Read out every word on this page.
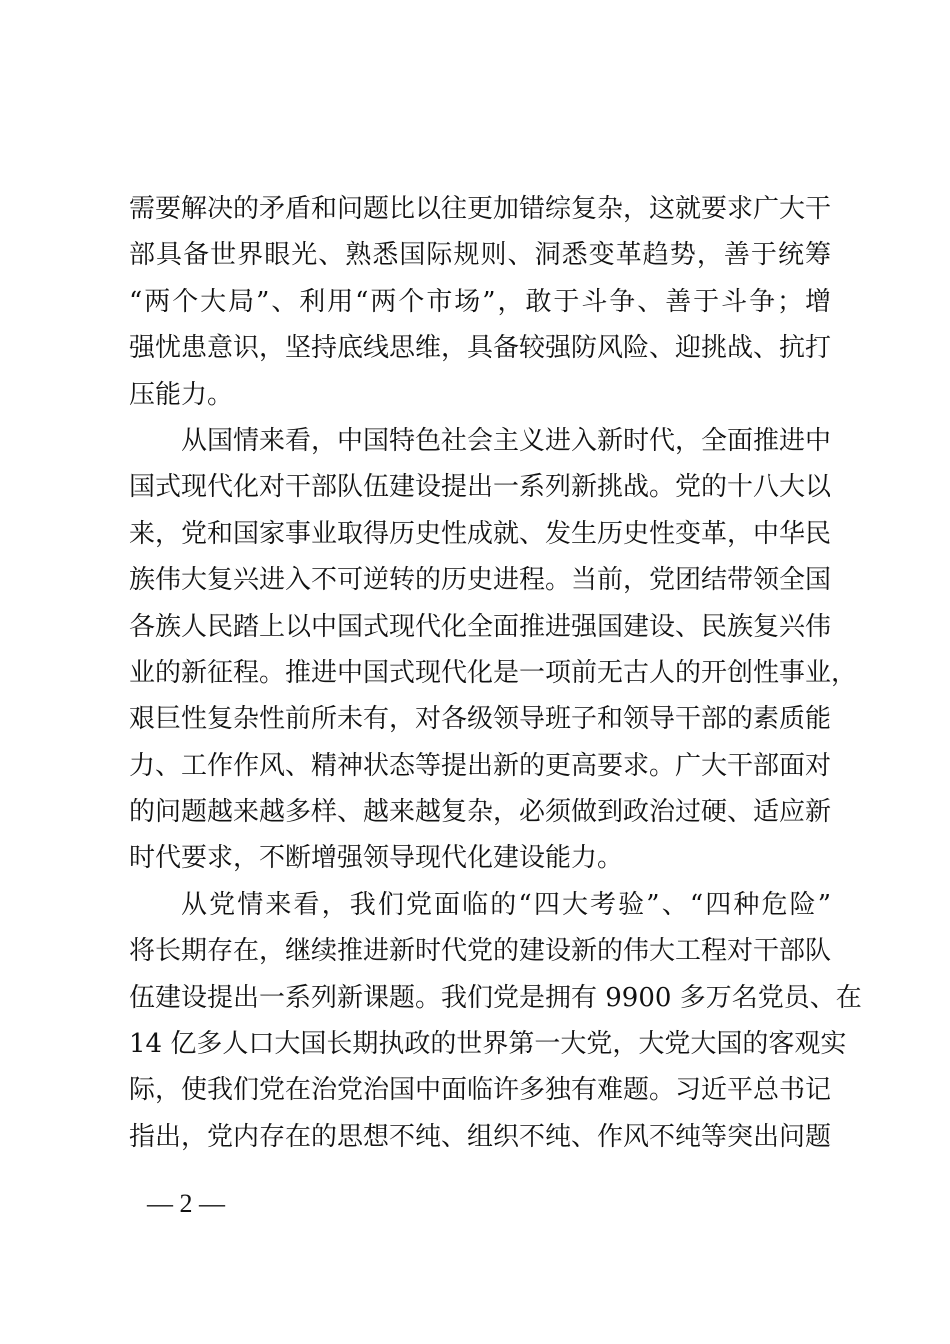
需要解决的矛盾和问题比以往更加错综复杂，这就要求广大干
部具备世界眼光、熟悉国际规则、洞悉变革趋势，善于统筹
“两个大局”、利用“两个市场”，敢于斗争、善于斗争；增
强忧患意识，坚持底线思维，具备较强防风险、迎挑战、抗打
压能力。
从国情来看，中国特色社会主义进入新时代，全面推进中
国式现代化对干部队伍建设提出一系列新挑战。党的十八大以
来，党和国家事业取得历史性成就、发生历史性变革，中华民
族伟大复兴进入不可逆转的历史进程。当前，党团结带领全国
各族人民踏上以中国式现代化全面推进强国建设、民族复兴伟
业的新征程。推进中国式现代化是一项前无古人的开创性事业，
艰巨性复杂性前所未有，对各级领导班子和领导干部的素质能
力、工作作风、精神状态等提出新的更高要求。广大干部面对
的问题越来越多样、越来越复杂，必须做到政治过硬、适应新
时代要求，不断增强领导现代化建设能力。
从党情来看，我们党面临的“四大考验”、“四种危险”
将长期存在，继续推进新时代党的建设新的伟大工程对干部队
伍建设提出一系列新课题。我们党是拥有 9900 多万名党员、在
14 亿多人口大国长期执政的世界第一大党，大党大国的客观实
际，使我们党在治党治国中面临许多独有难题。习近平总书记
指出，党内存在的思想不纯、组织不纯、作风不纯等突出问题
— 2 —
